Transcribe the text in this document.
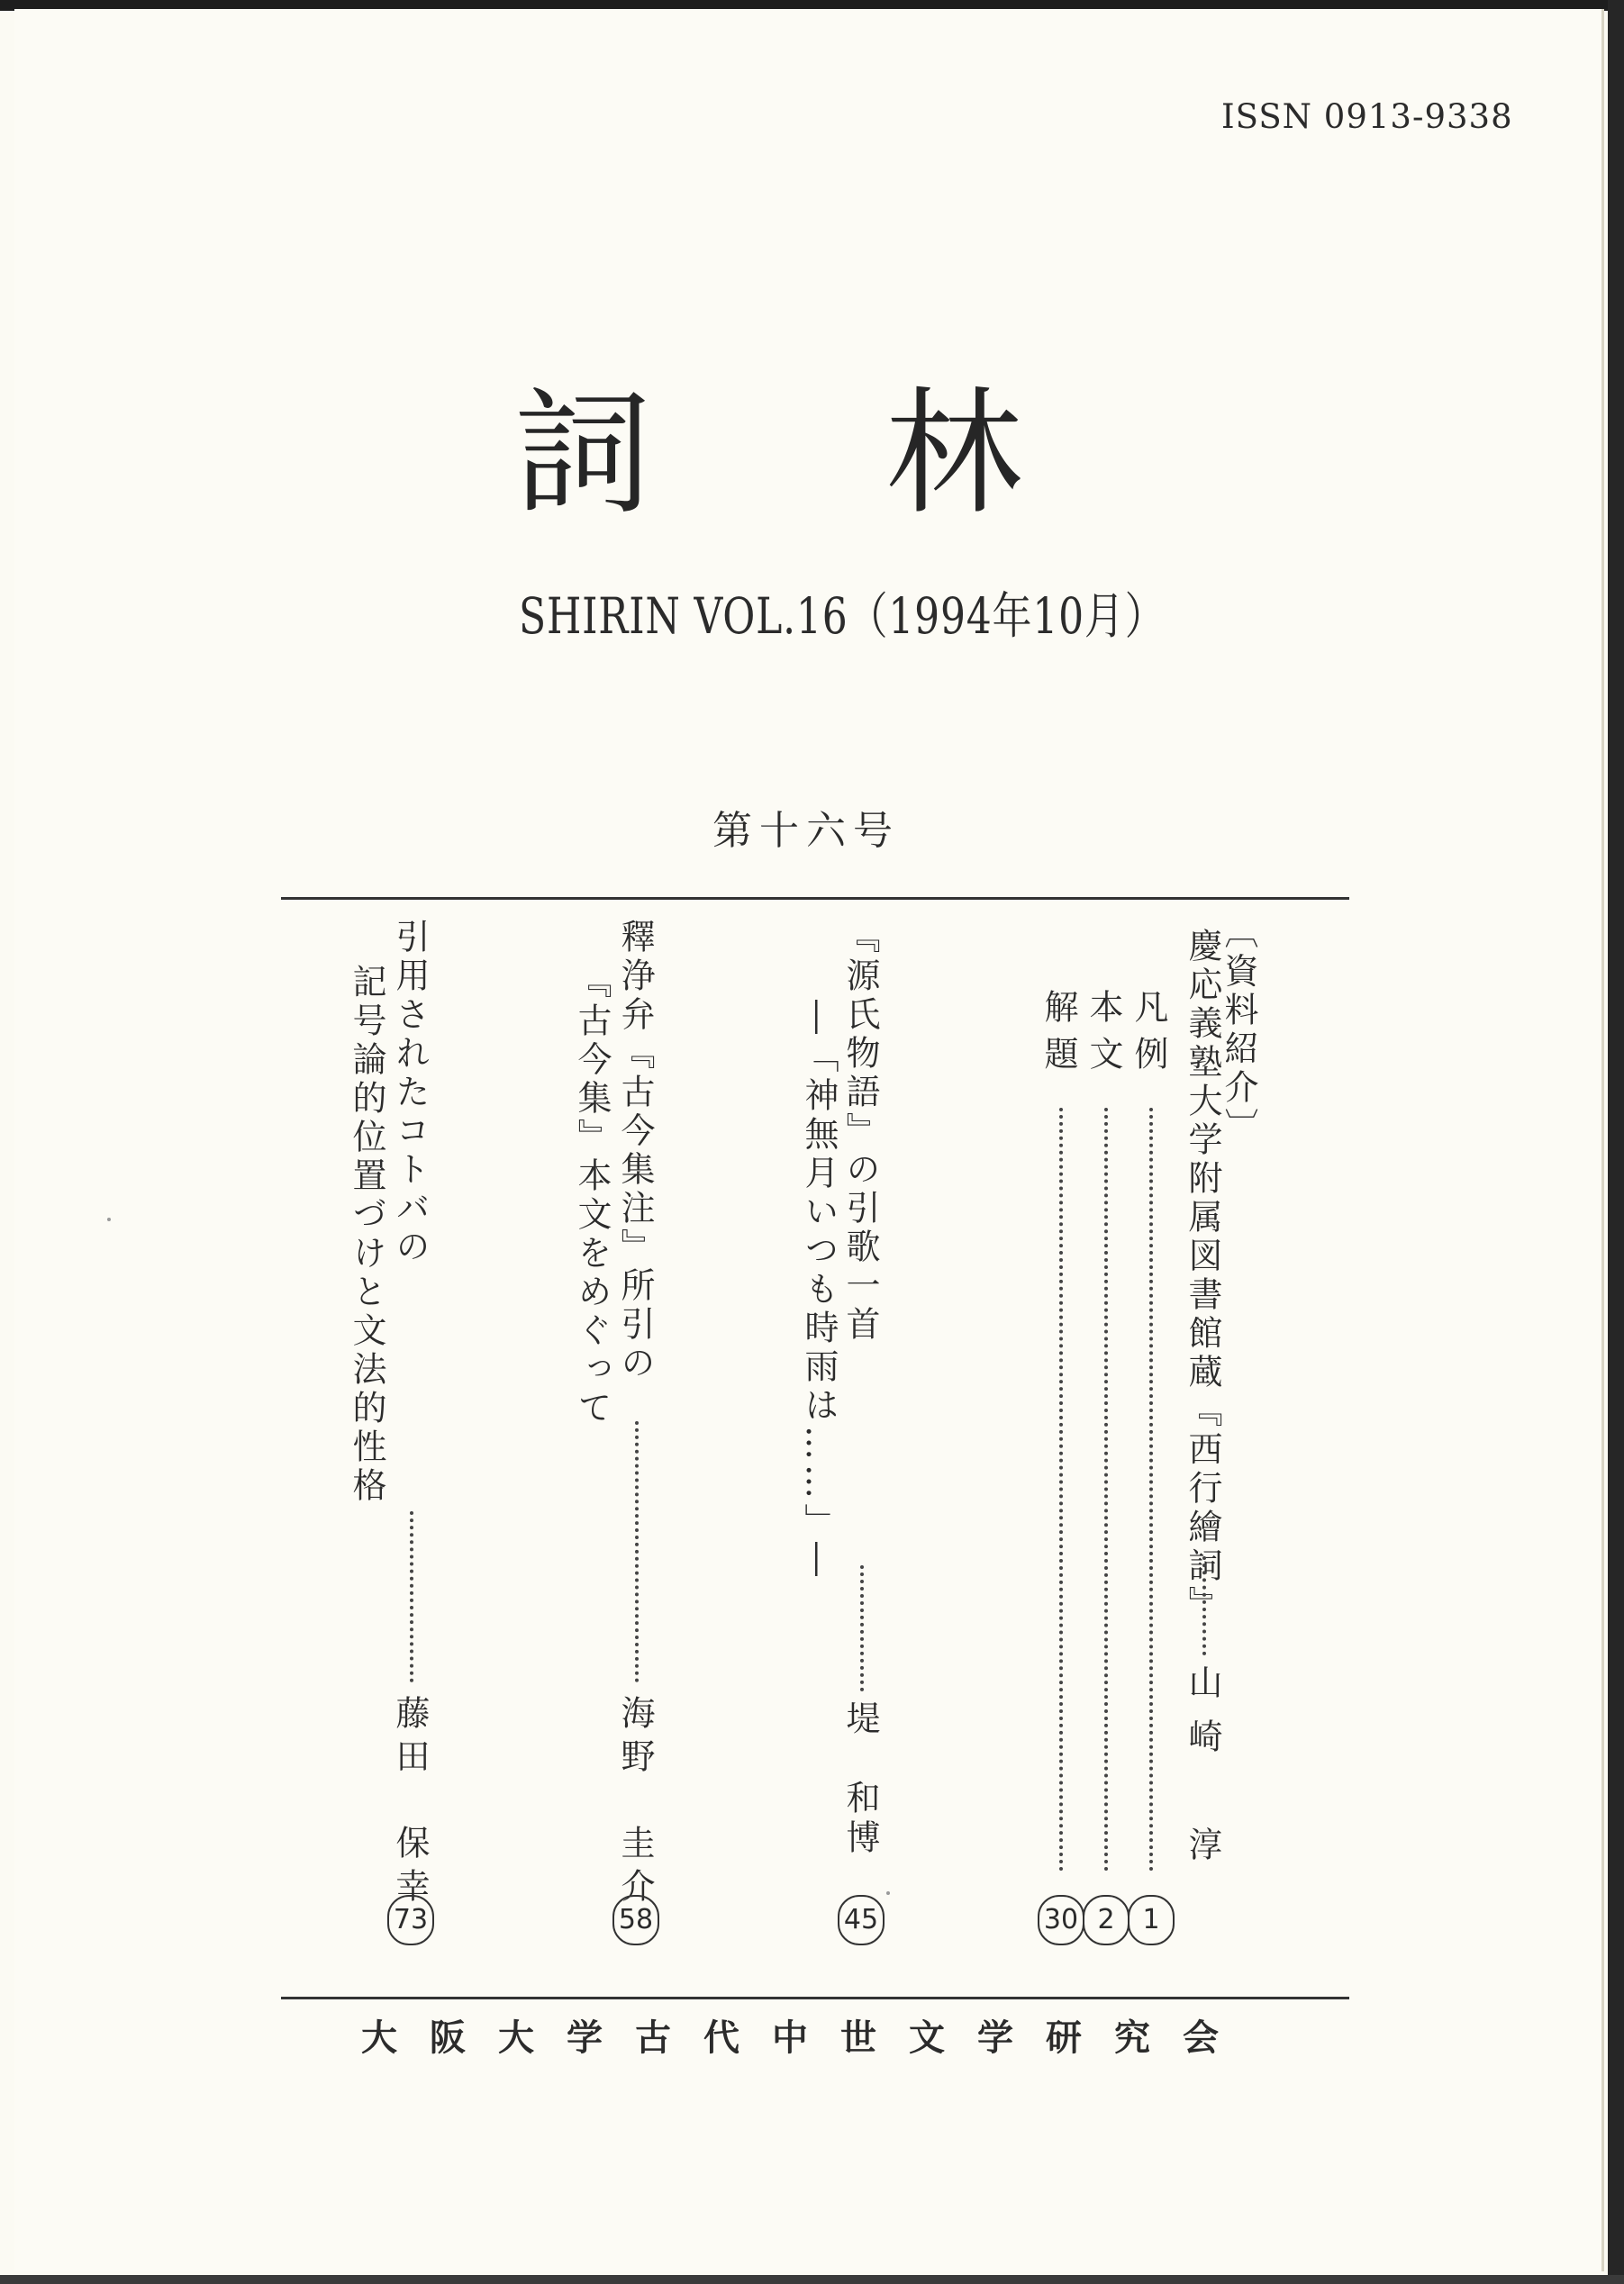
ISSN 0913-9338
詞林
SHIRIN VOL.16（1994年10月）
第十六号
〔資料紹介〕
慶応義塾大学附属図書館蔵『西行繪詞』
山崎　淳
凡例
1
本文
2
解題
30
『源氏物語』の引歌一首
―「神無月いつも時雨は……」―
堤　和博
45
釋浄弁『古今集注』所引の
『古今集』本文をめぐって
海野　圭介
58
引用されたコトバの
記号論的位置づけと文法的性格
藤田　保幸
73
大阪大学古代中世文学研究会
